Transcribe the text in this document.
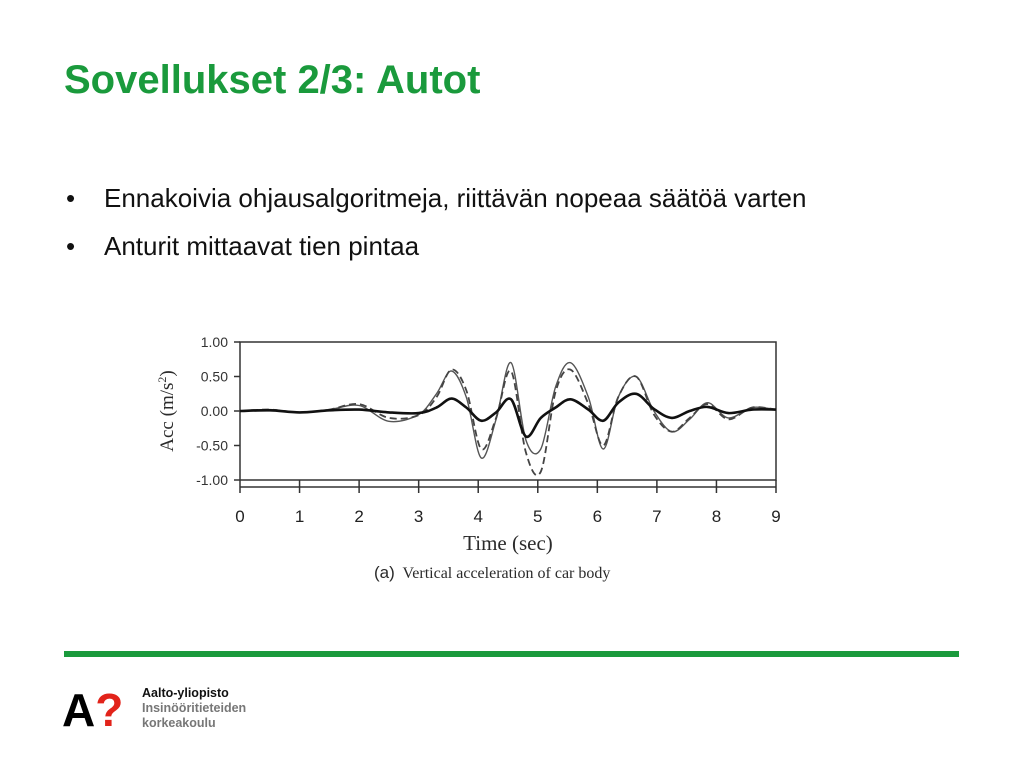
Sovellukset 2/3: Autot
• Ennakoivia ohjausalgoritmeja, riittävän nopeaa säätöä varten
• Anturit mittaavat tien pintaa
1.00
0.50
0.00
-0.50
-1.00
0	1	2	3	4	5	6	7	8	9
Acc $(m/s^2)$
Time (sec)
(a) Vertical acceleration of car body
A? Aalto-yliopisto
Insinööritieteiden
korkeakoulu
